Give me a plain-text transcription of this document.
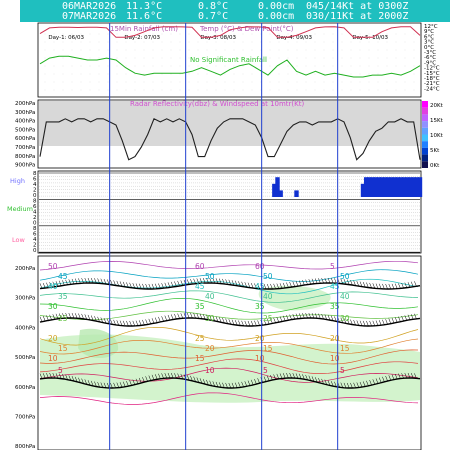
06MAR2026 11.3°C	0.8°C	0.00cm 045/14Kt at 0300Z
07MAR2026 11.6°C	0.7°C	0.00cm 030/11Kt at 2000Z
15Min Rainfall (cm)	Temp (°C) & Dew Point(°C)
No Significant Rainfall
Day-1: 06/03	Day-2: 07/03	Day-3: 08/03	Day-4: 09/03	Day-5: 10/03
12°C
9°C
6°C
3°C
0°C
-3°C
-6°C
-9°C
-12°C
-15°C
-18°C
-21°C
-24°C
Radar Reflectivity(dbz) & Windspeed at 10mtr(Kt)
200hPa
300hPa
400hPa
500hPa
600hPa
700hPa
800hPa
900hPa
20Kt
15Kt
10Kt
5Kt
0Kt
8
6
4
2
0
8
6
4
2
0
8
6
4
2
0
High
Medium
Low
200hPa
300hPa
400hPa
500hPa
600hPa
700hPa
800hPa
50
45
40
35
30
25
20
15
10
5
60
50
45
40
35
30
25
20
15
10
5
50
45
40
35
30
20
15
10
5
60
50
45
40
35
25
20
15
10
5
